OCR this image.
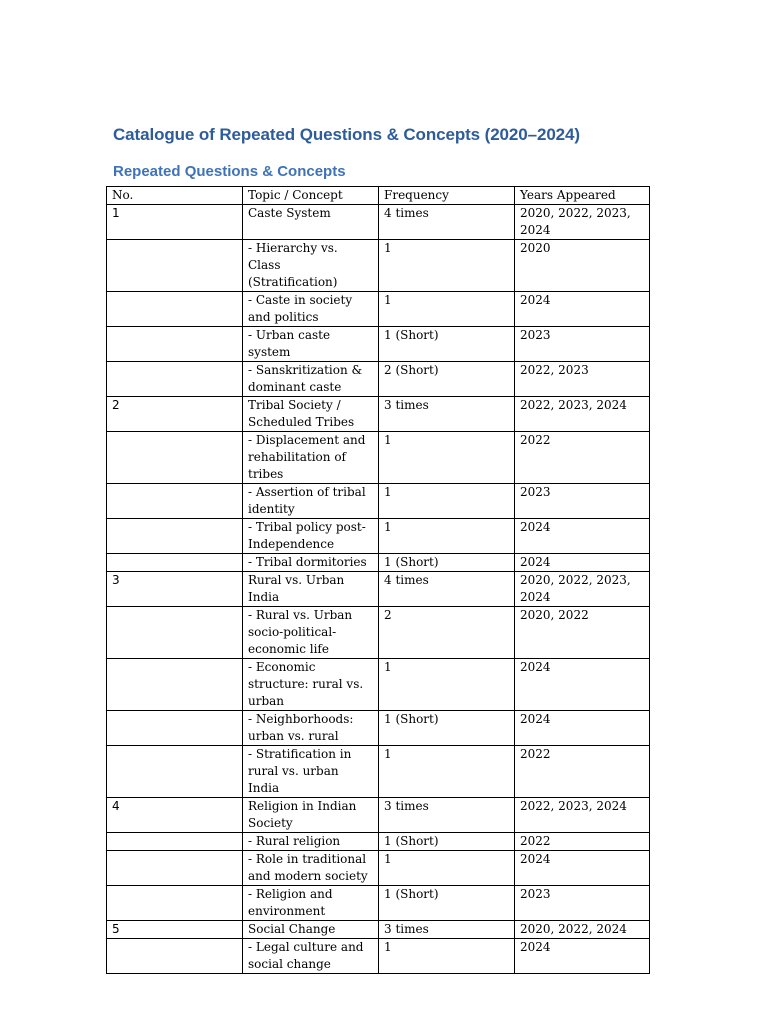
Catalogue of Repeated Questions & Concepts (2020–2024)
Repeated Questions & Concepts
No.	Topic / Concept	Frequency	Years Appeared
1	Caste System	4 times	2020, 2022, 2023, 2024
	- Hierarchy vs. Class (Stratification)	1	2020
	- Caste in society and politics	1	2024
	- Urban caste system	1 (Short)	2023
	- Sanskritization & dominant caste	2 (Short)	2022, 2023
2	Tribal Society / Scheduled Tribes	3 times	2022, 2023, 2024
	- Displacement and rehabilitation of tribes	1	2022
	- Assertion of tribal identity	1	2023
	- Tribal policy post-Independence	1	2024
	- Tribal dormitories	1 (Short)	2024
3	Rural vs. Urban India	4 times	2020, 2022, 2023, 2024
	- Rural vs. Urban socio-political-economic life	2	2020, 2022
	- Economic structure: rural vs. urban	1	2024
	- Neighborhoods: urban vs. rural	1 (Short)	2024
	- Stratification in rural vs. urban India	1	2022
4	Religion in Indian Society	3 times	2022, 2023, 2024
	- Rural religion	1 (Short)	2022
	- Role in traditional and modern society	1	2024
	- Religion and environment	1 (Short)	2023
5	Social Change	3 times	2020, 2022, 2024
	- Legal culture and social change	1	2024
